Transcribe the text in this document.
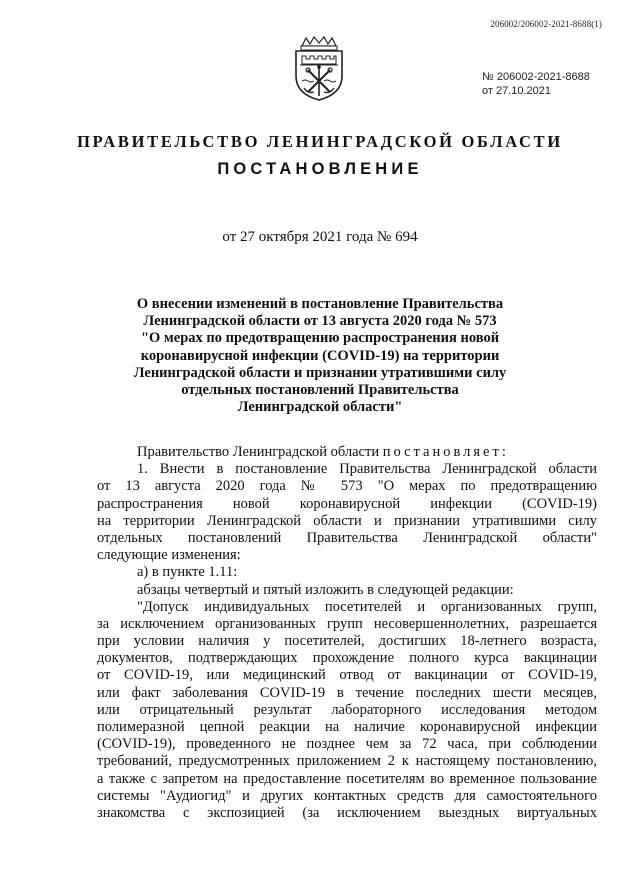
206002/206002-2021-8688(1)
№ 206002-2021-8688
от 27.10.2021
ПРАВИТЕЛЬСТВО ЛЕНИНГРАДСКОЙ ОБЛАСТИ
ПОСТАНОВЛЕНИЕ
от 27 октября 2021 года № 694
О внесении изменений в постановление Правительства
Ленинградской области от 13 августа 2020 года № 573
"О мерах по предотвращению распространения новой
коронавирусной инфекции (COVID-19) на территории
Ленинградской области и признании утратившими силу
отдельных постановлений Правительства
Ленинградской области"
Правительство Ленинградской области постановляет:
1. Внести в постановление Правительства Ленинградской области
от 13 августа 2020 года № 573 "О мерах по предотвращению
распространения новой коронавирусной инфекции (COVID-19)
на территории Ленинградской области и признании утратившими силу
отдельных постановлений Правительства Ленинградской области"
следующие изменения:
а) в пункте 1.11:
абзацы четвертый и пятый изложить в следующей редакции:
"Допуск индивидуальных посетителей и организованных групп,
за исключением организованных групп несовершеннолетних, разрешается
при условии наличия у посетителей, достигших 18-летнего возраста,
документов, подтверждающих прохождение полного курса вакцинации
от COVID-19, или медицинский отвод от вакцинации от COVID-19,
или факт заболевания COVID-19 в течение последних шести месяцев,
или отрицательный результат лабораторного исследования методом
полимеразной цепной реакции на наличие коронавирусной инфекции
(COVID-19), проведенного не позднее чем за 72 часа, при соблюдении
требований, предусмотренных приложением 2 к настоящему постановлению,
а также с запретом на предоставление посетителям во временное пользование
системы "Аудиогид" и других контактных средств для самостоятельного
знакомства с экспозицией (за исключением выездных виртуальных
